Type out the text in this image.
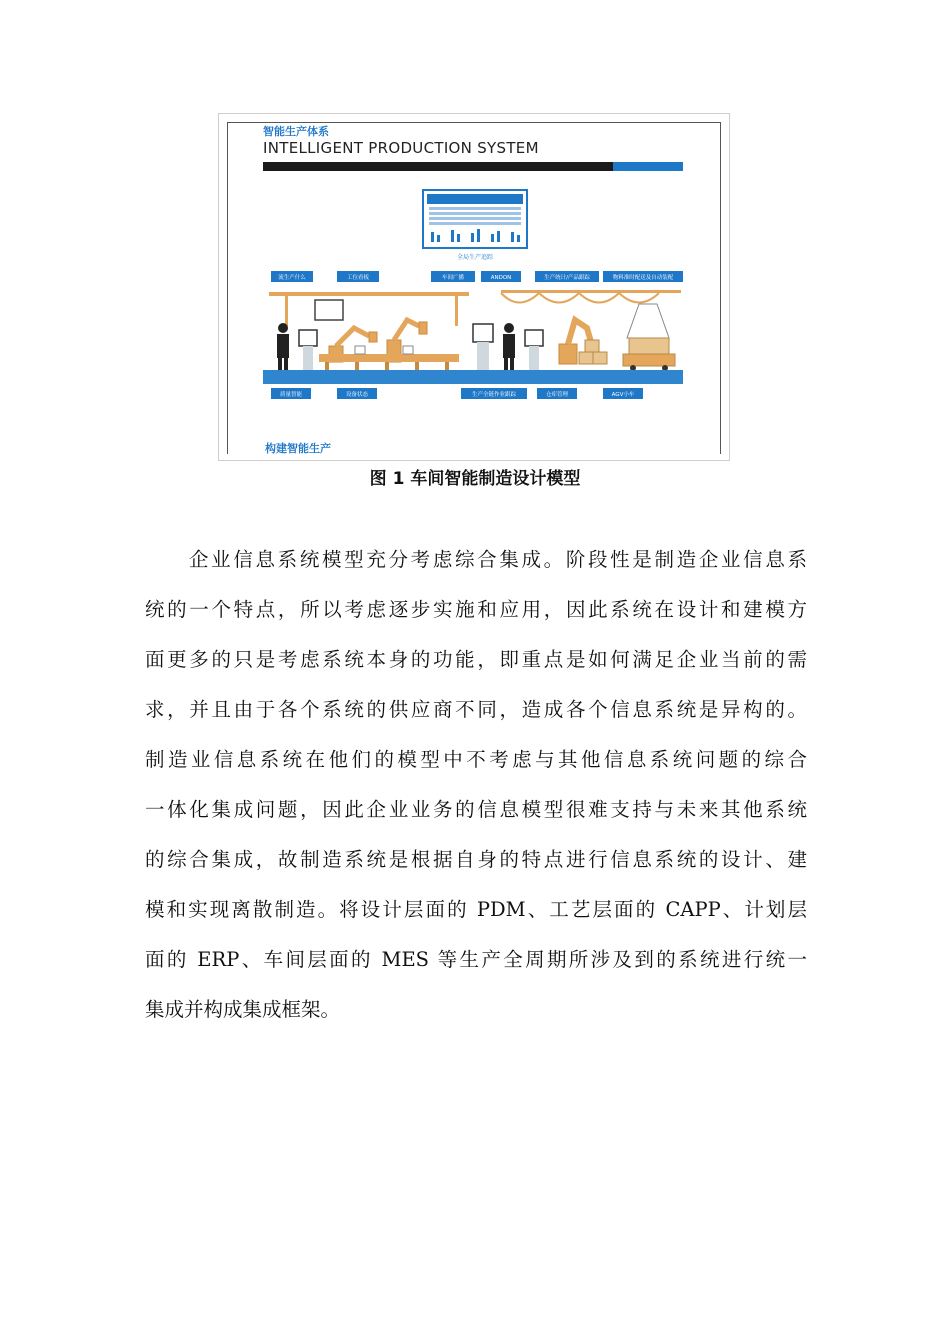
智能生产体系
INTELLIGENT PRODUCTION SYSTEM
全局生产追踪
流生产什么	工位看板	车间广播	ANDON	生产统计/产品跟踪	物料准时配送及自动装配
质量智能	设备状态	生产全链作业跟踪	仓库管理	AGV小车
构建智能生产
图 1 车间智能制造设计模型
企业信息系统模型充分考虑综合集成。阶段性是制造企业信息系
统的一个特点，所以考虑逐步实施和应用，因此系统在设计和建模方
面更多的只是考虑系统本身的功能，即重点是如何满足企业当前的需
求，并且由于各个系统的供应商不同，造成各个信息系统是异构的。
制造业信息系统在他们的模型中不考虑与其他信息系统问题的综合
一体化集成问题，因此企业业务的信息模型很难支持与未来其他系统
的综合集成，故制造系统是根据自身的特点进行信息系统的设计、建
模和实现离散制造。将设计层面的 PDM、工艺层面的 CAPP、计划层
面的 ERP、车间层面的 MES 等生产全周期所涉及到的系统进行统一
集成并构成集成框架。
